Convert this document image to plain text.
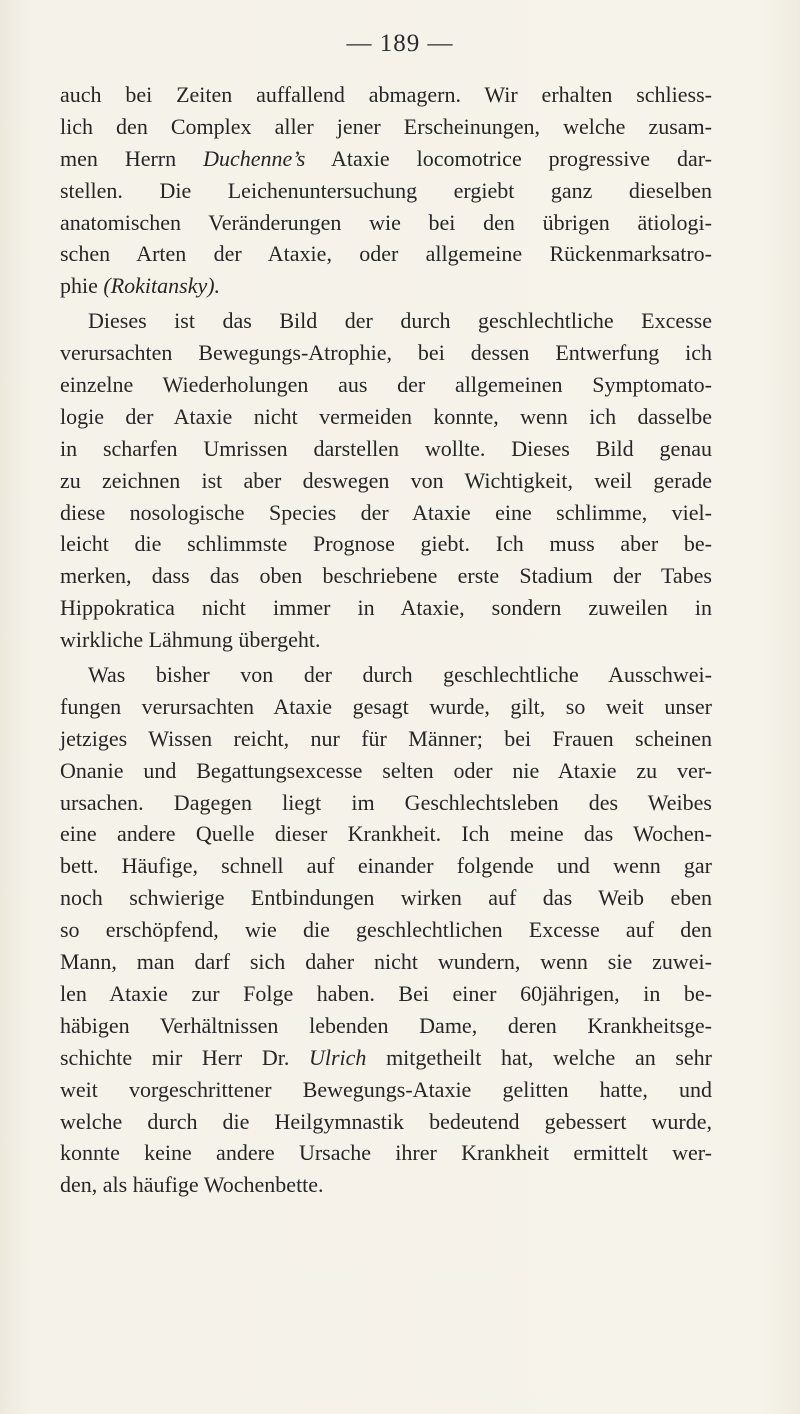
— 189 —
auch bei Zeiten auffallend abmagern. Wir erhalten schliess-
lich den Complex aller jener Erscheinungen, welche zusam-
men Herrn Duchenne’s Ataxie locomotrice progressive dar-
stellen. Die Leichenuntersuchung ergiebt ganz dieselben
anatomischen Veränderungen wie bei den übrigen ätiologi-
schen Arten der Ataxie, oder allgemeine Rückenmarksatro-
phie (Rokitansky).
Dieses ist das Bild der durch geschlechtliche Excesse
verursachten Bewegungs-Atrophie, bei dessen Entwerfung ich
einzelne Wiederholungen aus der allgemeinen Symptomato-
logie der Ataxie nicht vermeiden konnte, wenn ich dasselbe
in scharfen Umrissen darstellen wollte. Dieses Bild genau
zu zeichnen ist aber deswegen von Wichtigkeit, weil gerade
diese nosologische Species der Ataxie eine schlimme, viel-
leicht die schlimmste Prognose giebt. Ich muss aber be-
merken, dass das oben beschriebene erste Stadium der Tabes
Hippokratica nicht immer in Ataxie, sondern zuweilen in
wirkliche Lähmung übergeht.
Was bisher von der durch geschlechtliche Ausschwei-
fungen verursachten Ataxie gesagt wurde, gilt, so weit unser
jetziges Wissen reicht, nur für Männer; bei Frauen scheinen
Onanie und Begattungsexcesse selten oder nie Ataxie zu ver-
ursachen. Dagegen liegt im Geschlechtsleben des Weibes
eine andere Quelle dieser Krankheit. Ich meine das Wochen-
bett. Häufige, schnell auf einander folgende und wenn gar
noch schwierige Entbindungen wirken auf das Weib eben
so erschöpfend, wie die geschlechtlichen Excesse auf den
Mann, man darf sich daher nicht wundern, wenn sie zuwei-
len Ataxie zur Folge haben. Bei einer 60jährigen, in be-
häbigen Verhältnissen lebenden Dame, deren Krankheitsge-
schichte mir Herr Dr. Ulrich mitgetheilt hat, welche an sehr
weit vorgeschrittener Bewegungs-Ataxie gelitten hatte, und
welche durch die Heilgymnastik bedeutend gebessert wurde,
konnte keine andere Ursache ihrer Krankheit ermittelt wer-
den, als häufige Wochenbette.
